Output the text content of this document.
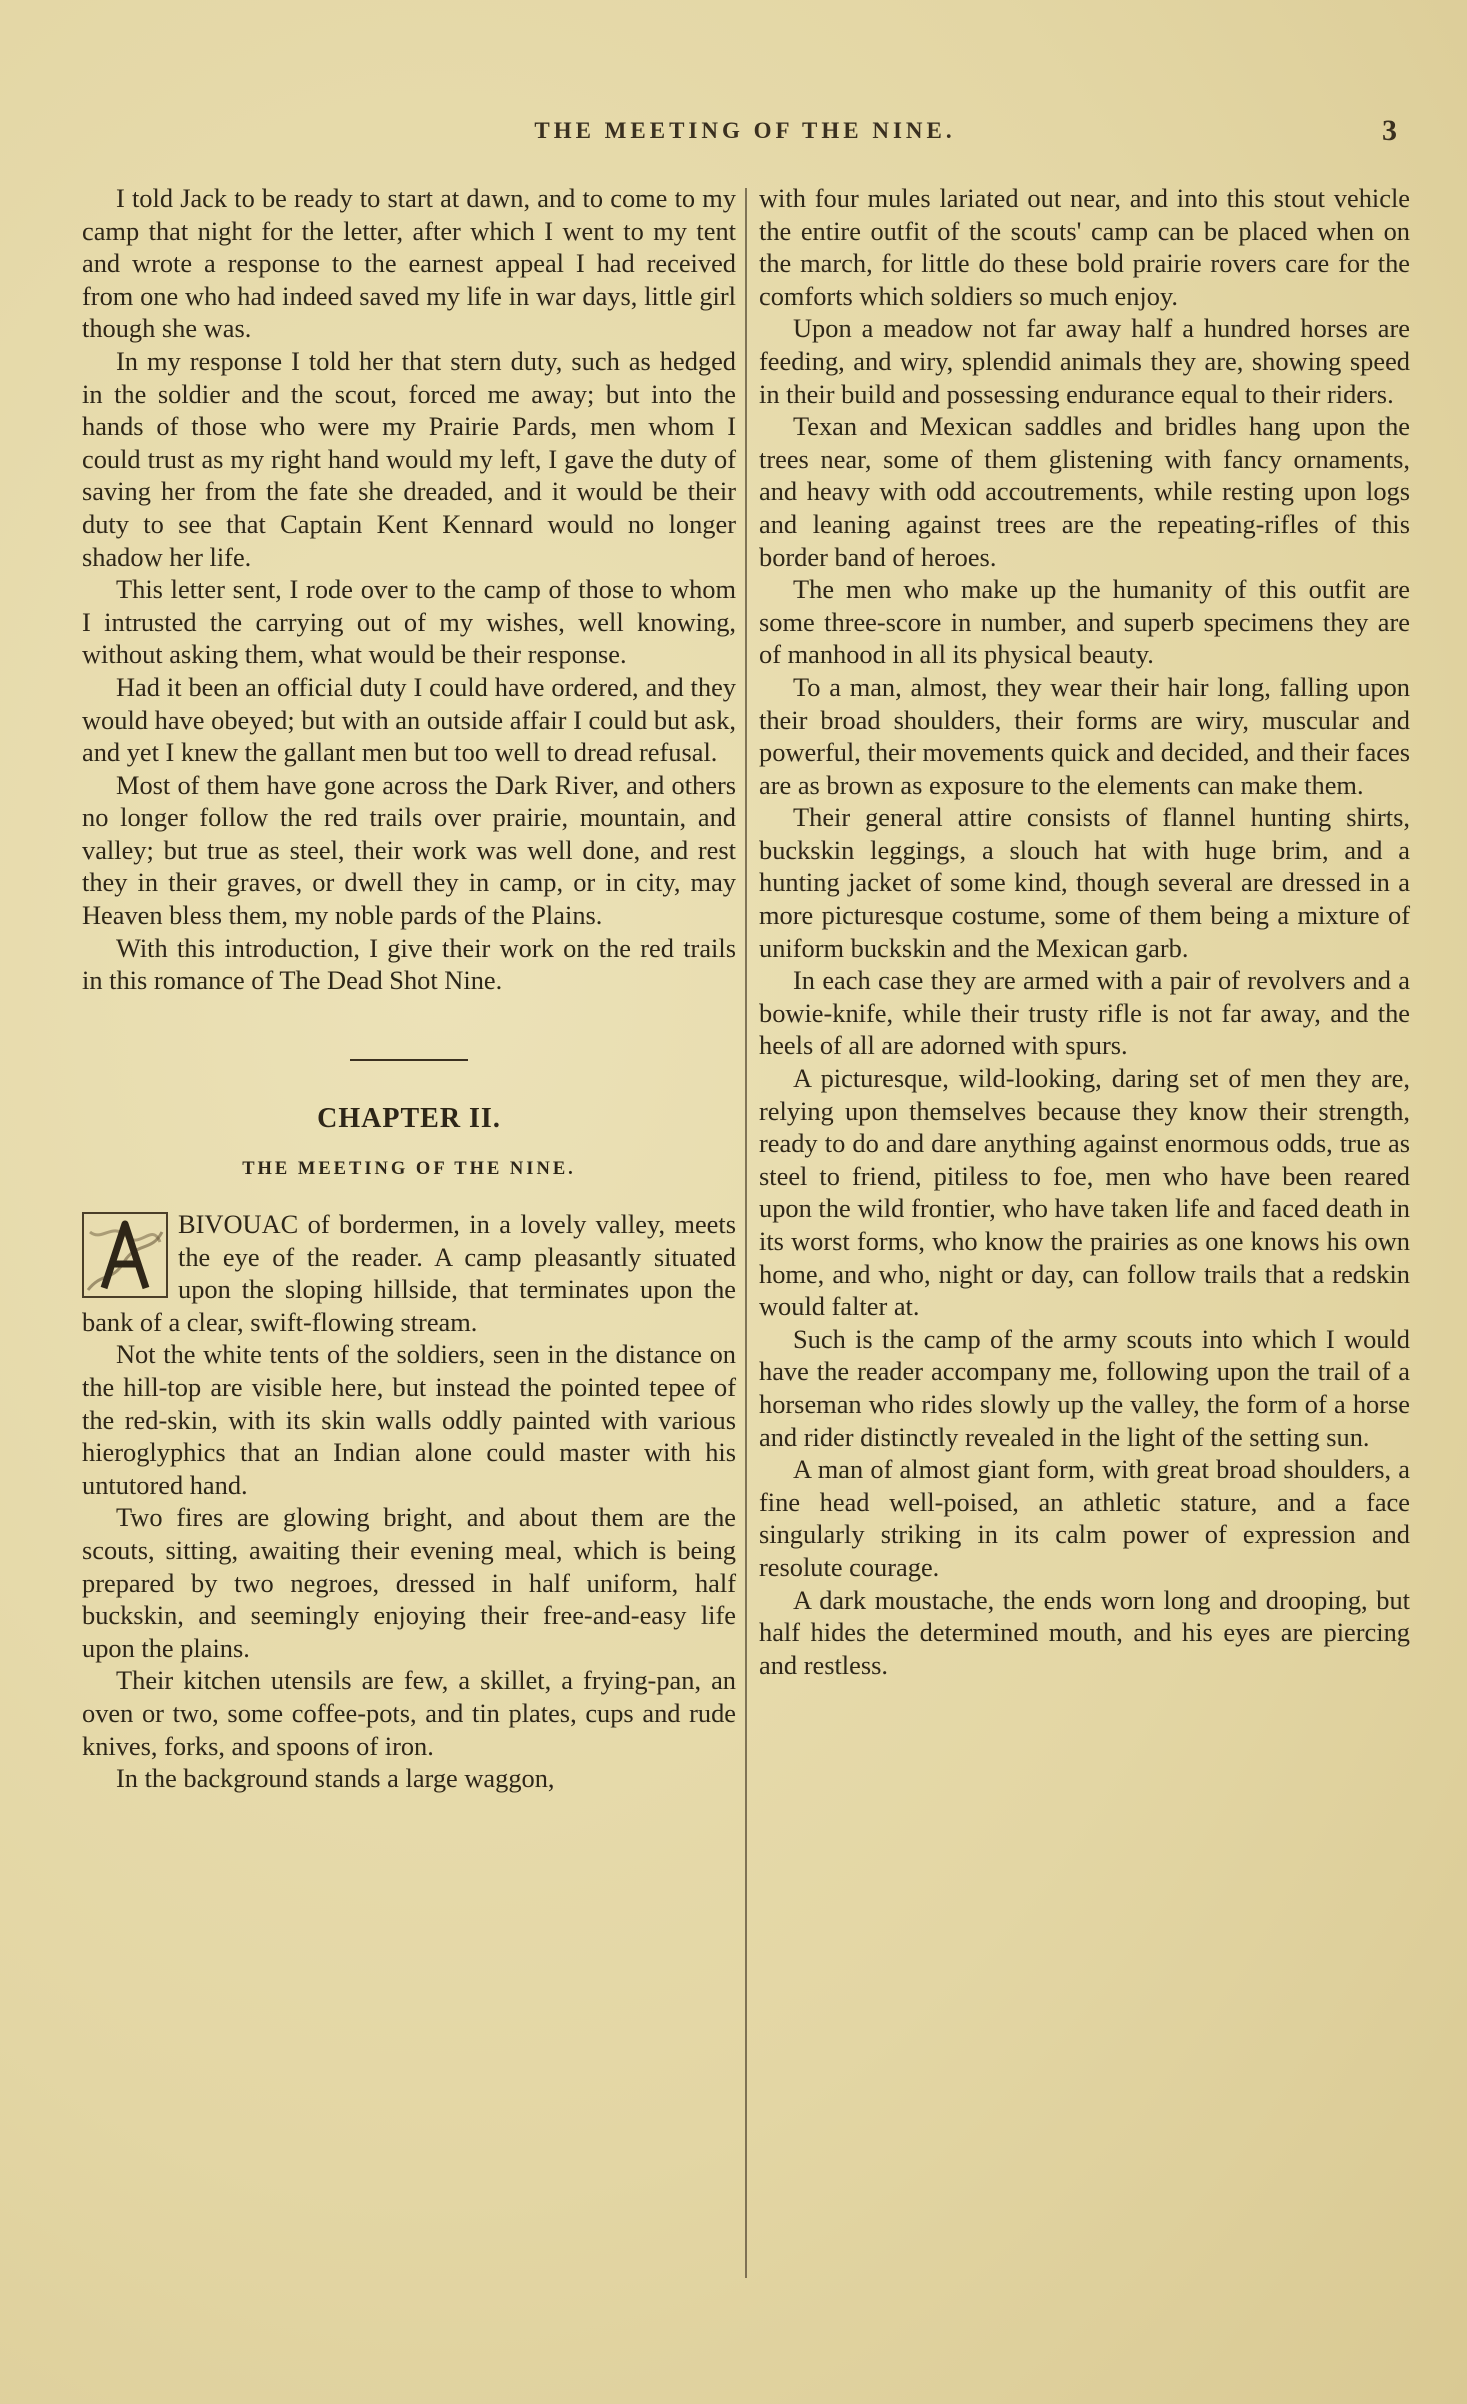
THE MEETING OF THE NINE.	3

I told Jack to be ready to start at dawn, and to come to my camp that night for the letter, after which I went to my tent and wrote a response to the earnest appeal I had received from one who had indeed saved my life in war days, little girl though she was.

In my response I told her that stern duty, such as hedged in the soldier and the scout, forced me away; but into the hands of those who were my Prairie Pards, men whom I could trust as my right hand would my left, I gave the duty of saving her from the fate she dreaded, and it would be their duty to see that Captain Kent Kennard would no longer shadow her life.

This letter sent, I rode over to the camp of those to whom I intrusted the carrying out of my wishes, well knowing, without asking them, what would be their response.

Had it been an official duty I could have ordered, and they would have obeyed; but with an outside affair I could but ask, and yet I knew the gallant men but too well to dread refusal.

Most of them have gone across the Dark River, and others no longer follow the red trails over prairie, mountain, and valley; but true as steel, their work was well done, and rest they in their graves, or dwell they in camp, or in city, may Heaven bless them, my noble pards of the Plains.

With this introduction, I give their work on the red trails in this romance of The Dead Shot Nine.

CHAPTER II.
THE MEETING OF THE NINE.

BIVOUAC of bordermen, in a lovely valley, meets the eye of the reader. A camp pleasantly situated upon the sloping hillside, that terminates upon the bank of a clear, swift-flowing stream.

Not the white tents of the soldiers, seen in the distance on the hill-top are visible here, but instead the pointed tepee of the red-skin, with its skin walls oddly painted with various hieroglyphics that an Indian alone could master with his untutored hand.

Two fires are glowing bright, and about them are the scouts, sitting, awaiting their evening meal, which is being prepared by two negroes, dressed in half uniform, half buckskin, and seemingly enjoying their free-and-easy life upon the plains.

Their kitchen utensils are few, a skillet, a frying-pan, an oven or two, some coffee-pots, and tin plates, cups and rude knives, forks, and spoons of iron.

In the background stands a large waggon,

with four mules lariated out near, and into this stout vehicle the entire outfit of the scouts' camp can be placed when on the march, for little do these bold prairie rovers care for the comforts which soldiers so much enjoy.

Upon a meadow not far away half a hundred horses are feeding, and wiry, splendid animals they are, showing speed in their build and possessing endurance equal to their riders.

Texan and Mexican saddles and bridles hang upon the trees near, some of them glistening with fancy ornaments, and heavy with odd accoutrements, while resting upon logs and leaning against trees are the repeating-rifles of this border band of heroes.

The men who make up the humanity of this outfit are some three-score in number, and superb specimens they are of manhood in all its physical beauty.

To a man, almost, they wear their hair long, falling upon their broad shoulders, their forms are wiry, muscular and powerful, their movements quick and decided, and their faces are as brown as exposure to the elements can make them.

Their general attire consists of flannel hunting shirts, buckskin leggings, a slouch hat with huge brim, and a hunting jacket of some kind, though several are dressed in a more picturesque costume, some of them being a mixture of uniform buckskin and the Mexican garb.

In each case they are armed with a pair of revolvers and a bowie-knife, while their trusty rifle is not far away, and the heels of all are adorned with spurs.

A picturesque, wild-looking, daring set of men they are, relying upon themselves because they know their strength, ready to do and dare anything against enormous odds, true as steel to friend, pitiless to foe, men who have been reared upon the wild frontier, who have taken life and faced death in its worst forms, who know the prairies as one knows his own home, and who, night or day, can follow trails that a redskin would falter at.

Such is the camp of the army scouts into which I would have the reader accompany me, following upon the trail of a horseman who rides slowly up the valley, the form of a horse and rider distinctly revealed in the light of the setting sun.

A man of almost giant form, with great broad shoulders, a fine head well-poised, an athletic stature, and a face singularly striking in its calm power of expression and resolute courage.

A dark moustache, the ends worn long and drooping, but half hides the determined mouth, and his eyes are piercing and restless.
